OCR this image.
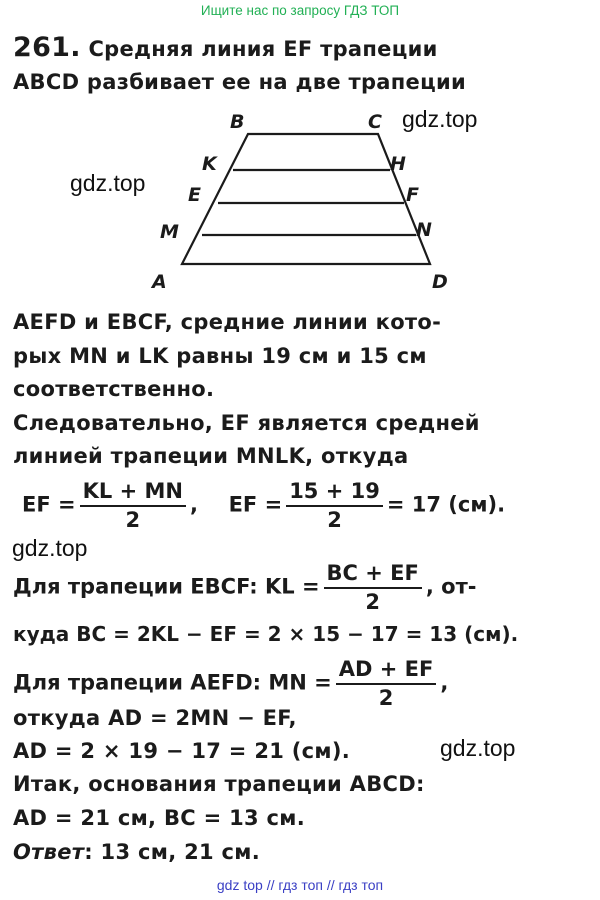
Ищите нас по запросу ГДЗ ТОП
261. Средняя линия EF трапеции
ABCD разбивает ее на две трапеции
B	C
K	H
E	F
M	N
A	D
gdz.top
gdz.top
gdz.top
gdz.top
AEFD и EBCF, средние линии кото-
рых MN и LK равны 19 см и 15 см
соответственно.
Следовательно, EF является средней
линией трапеции MNLK, откуда
EF = $\frac{KL + MN}{2}$ , EF = $\frac{15 + 19}{2} = 17$ (см).
Для трапеции EBCF: KL = $\frac{BC + EF}{2}$ , от-
куда BC = 2KL − EF = 2 × 15 − 17 = 13 (см).
Для трапеции AEFD: MN = $\frac{AD + EF}{2}$ ,
откуда AD = 2MN − EF,
AD = 2 × 19 − 17 = 21 (см).
Итак, основания трапеции ABCD:
AD = 21 см, BC = 13 см.
Ответ: 13 см, 21 см.
gdz top // гдз топ // гдз топ
